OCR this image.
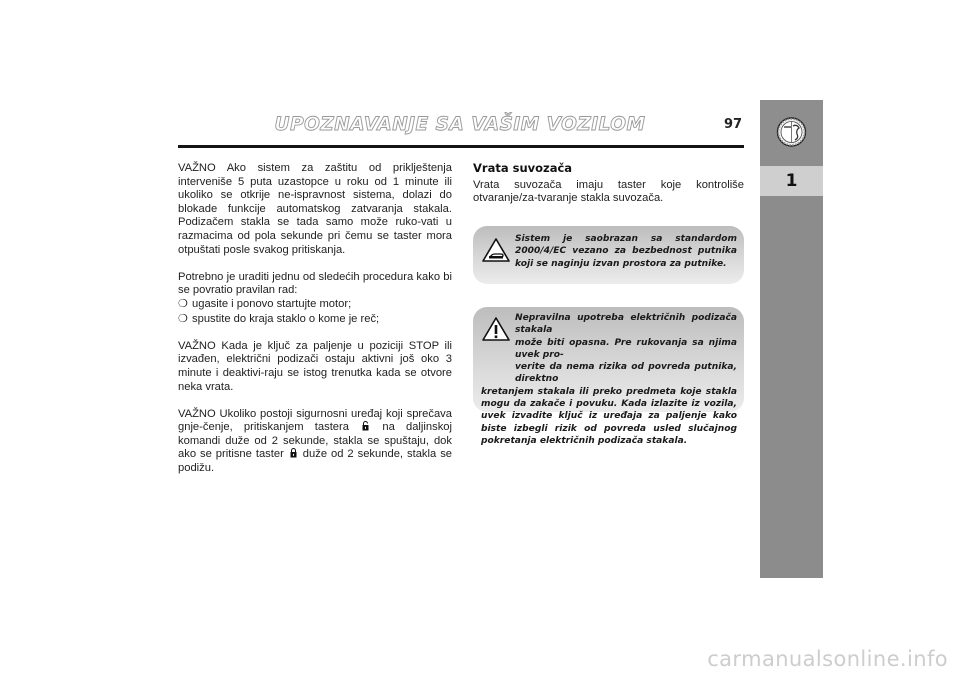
UPOZNAVANJE SA VAŠIM VOZILOM	97
1

VAŽNO Ako sistem za zaštitu od priklještenja interveniše 5 puta uzastopce u roku od 1 minute ili ukoliko se otkrije ne-ispravnost sistema, dolazi do blokade funkcije automatskog zatvaranja stakala. Podizačem stakla se tada samo može ruko-vati u razmacima od pola sekunde pri čemu se taster mora otpuštati posle svakog pritiskanja.

Potrebno je uraditi jednu od sledećih procedura kako bi se povratio pravilan rad:

❍ ugasite i ponovo startujte motor;
❍ spustite do kraja staklo o kome je reč;

VAŽNO Kada je ključ za paljenje u poziciji STOP ili izvađen, električni podizači ostaju aktivni još oko 3 minute i deaktivi-raju se istog trenutka kada se otvore neka vrata.

VAŽNO Ukoliko postoji sigurnosni uređaj koji sprečava gnje-čenje, pritiskanjem tastera	na daljinskoj komandi duže od 2 sekunde, stakla se spuštaju, dok ako se pritisne taster duže od 2 sekunde, stakla se podižu.

Vrata suvozača

Vrata suvozača imaju taster koje kontroliše otvaranje/za-tvaranje stakla suvozača.

Sistem je saobrazan sa standardom 2000/4/EC vezano za bezbednost putnika koji se naginju izvan prostora za putnike.
Nepravilna upotreba električnih podizača stakala
može biti opasna. Pre rukovanja sa njima uvek pro-
verite da nema rizika od povreda putnika, direktno
kretanjem stakala ili preko predmeta koje stakla mogu da zakače i povuku. Kada izlazite iz vozila, uvek izvadite ključ iz uređaja za paljenje kako biste izbegli rizik od povreda usled slučajnog pokretanja električnih podizača stakala.
carmanualsonline.info
